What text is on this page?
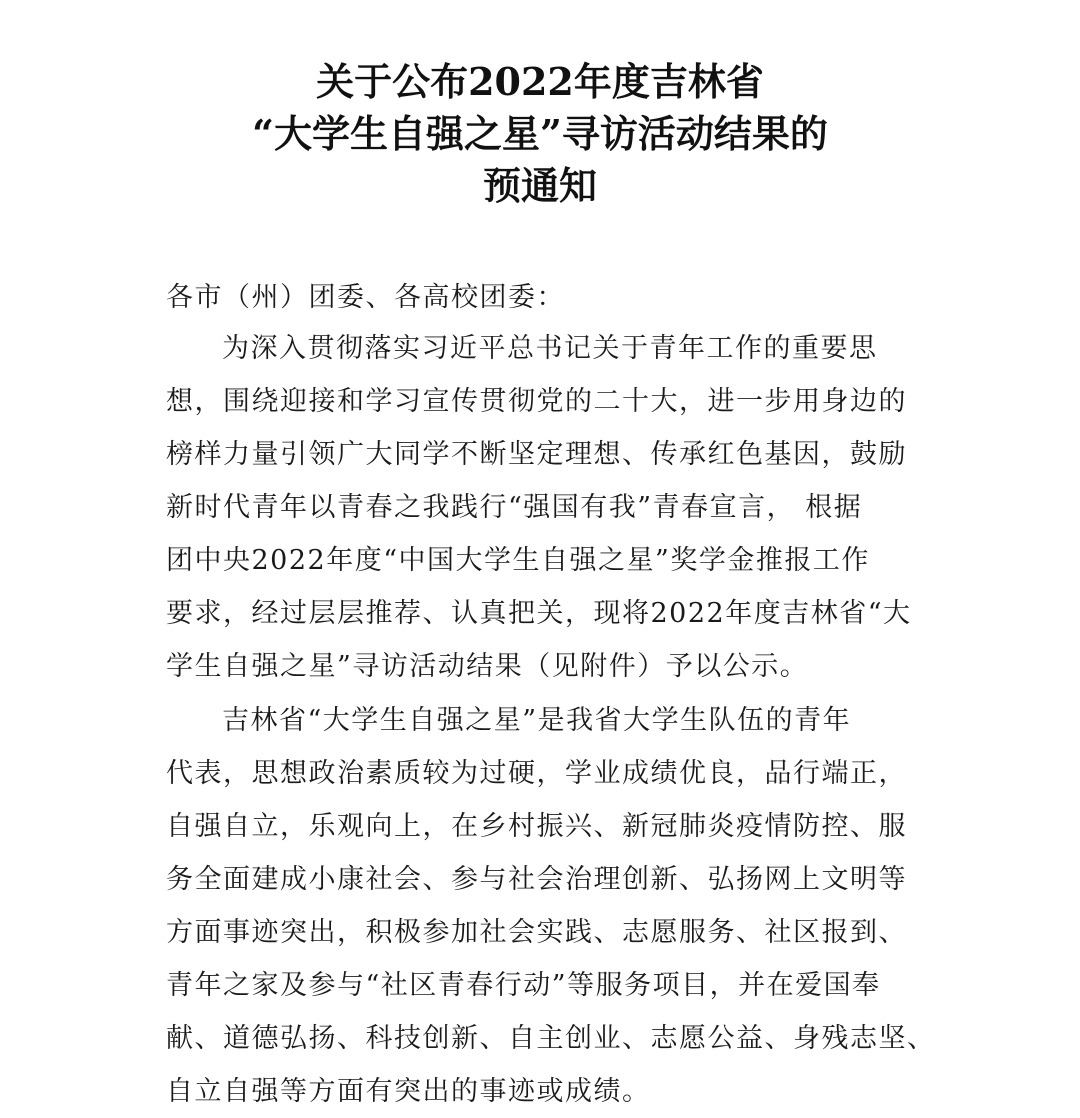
关于公布2022年度吉林省
“大学生自强之星”寻访活动结果的
预通知
各市（州）团委、各高校团委：
为深入贯彻落实习近平总书记关于青年工作的重要思
想，围绕迎接和学习宣传贯彻党的二十大，进一步用身边的
榜样力量引领广大同学不断坚定理想、传承红色基因，鼓励
新时代青年以青春之我践行“强国有我”青春宣言， 根据
团中央2022年度“中国大学生自强之星”奖学金推报工作
要求，经过层层推荐、认真把关，现将2022年度吉林省“大
学生自强之星”寻访活动结果（见附件）予以公示。
吉林省“大学生自强之星”是我省大学生队伍的青年
代表，思想政治素质较为过硬，学业成绩优良，品行端正，
自强自立，乐观向上，在乡村振兴、新冠肺炎疫情防控、服
务全面建成小康社会、参与社会治理创新、弘扬网上文明等
方面事迹突出，积极参加社会实践、志愿服务、社区报到、
青年之家及参与“社区青春行动”等服务项目，并在爱国奉
献、道德弘扬、科技创新、自主创业、志愿公益、身残志坚、
自立自强等方面有突出的事迹或成绩。
